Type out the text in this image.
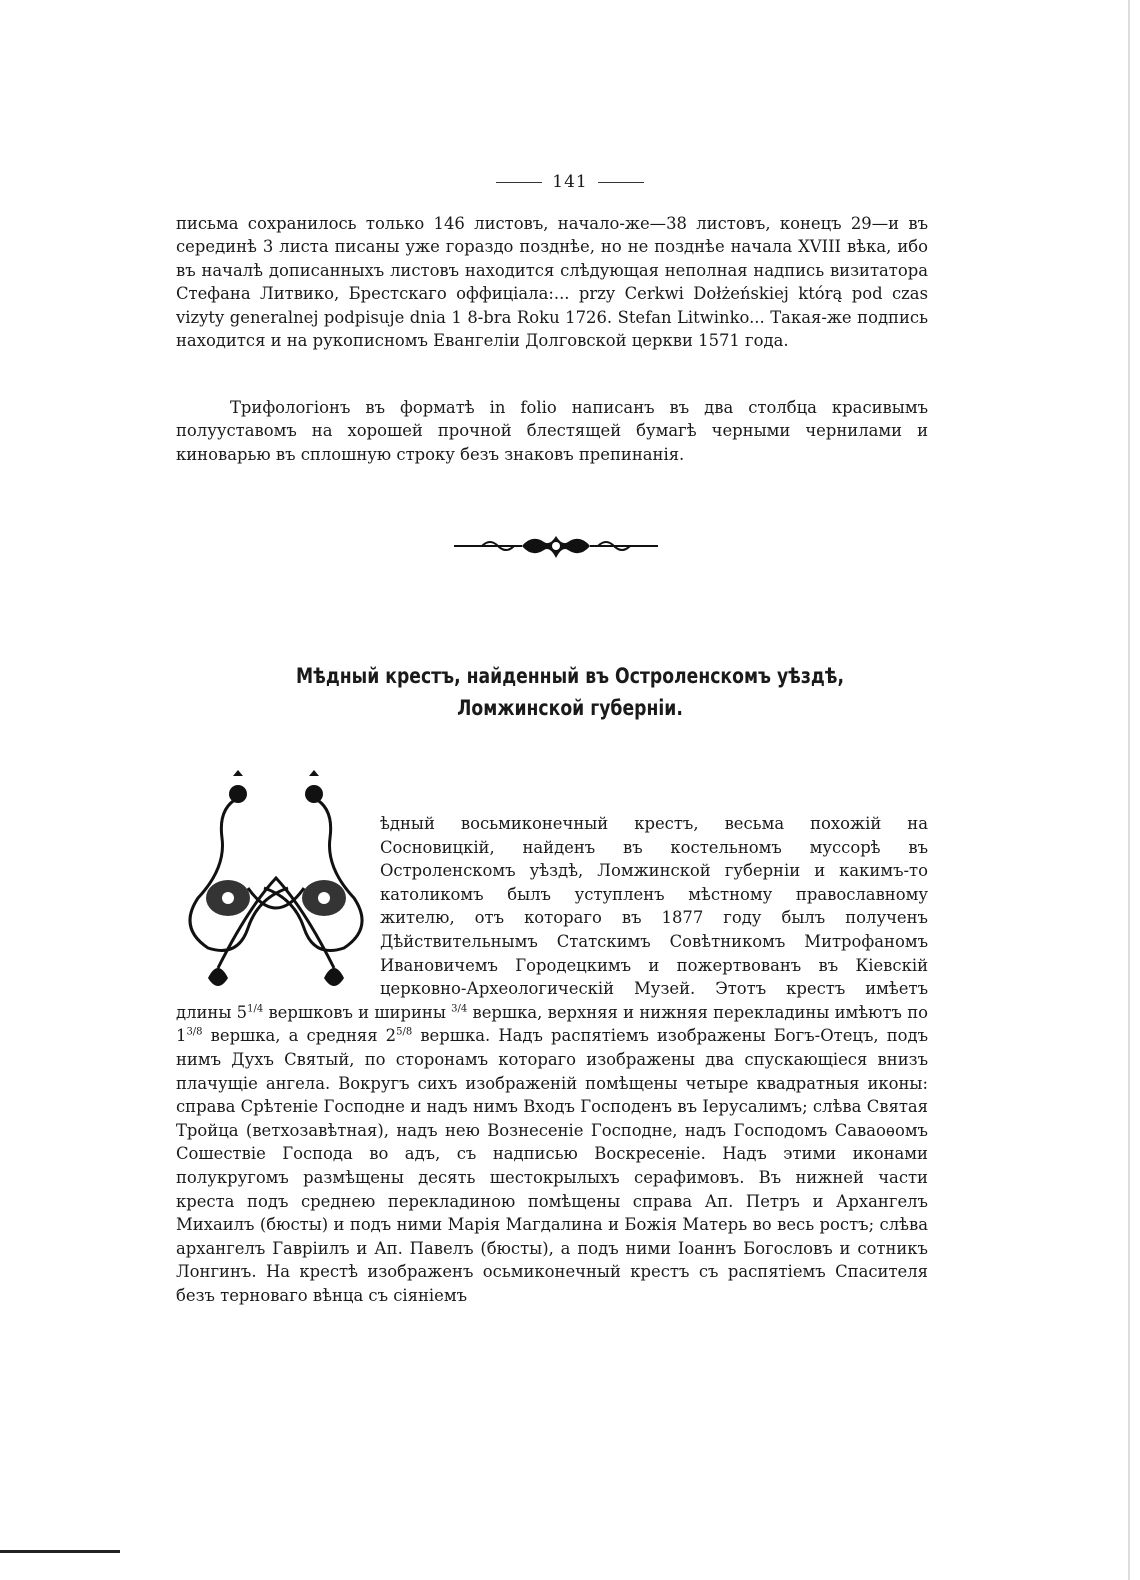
141

письма сохранилось только 146 листовъ, начало-же—38 листовъ, конецъ 29—и въ серединѣ 3 листа писаны уже гораздо позднѣе, но не позднѣе начала XVIII вѣка, ибо въ началѣ дописанныхъ листовъ находится слѣдующая неполная надпись визитатора Стефана Литвико, Брестскаго оффиціала:... przy Cerkwi Dołżeńskiej którą pod czas vizyty generalnej podpisuje dnia 1 8-bra Roku 1726. Stefan Litwinko... Такая-же подпись находится и на рукописномъ Евангеліи Долговской церкви 1571 года.

Трифологіонъ въ форматѣ in folio написанъ въ два столбца красивымъ полууставомъ на хорошей прочной блестящей бумагѣ черными чернилами и киноварью въ сплошную строку безъ знаковъ препинанія.

Мѣдный крестъ, найденный въ Остроленскомъ уѣздѣ,
Ломжинской губерніи.
ѣдный восьмиконечный крестъ, весьма похожій на Сосновицкій, найденъ въ костельномъ муссорѣ въ Остроленскомъ уѣздѣ, Ломжинской губерніи и какимъ-то католикомъ былъ уступленъ мѣстному православному жителю, отъ котораго въ 1877 году былъ полученъ Дѣйствительнымъ Статскимъ Совѣтникомъ Митрофаномъ Ивановичемъ Городецкимъ и пожертвованъ въ Кіевскій церковно-Археологическій Музей. Этотъ крестъ имѣетъ длины $5^{1/4}$ вершковъ и ширины $^{3/4}$ вершка, верхняя и нижняя перекладины имѣютъ по $1^{3/8}$ вершка, а средняя $2^{5/8}$ вершка. Надъ распятіемъ изображены Богъ-Отецъ, подъ нимъ Духъ Святый, по сторонамъ котораго изображены два спускающіеся внизъ плачущіе ангела. Вокругъ сихъ изображеній помѣщены четыре квадратныя иконы: справа Срѣтеніе Господне и надъ нимъ Входъ Господенъ въ Іерусалимъ; слѣва Святая Тройца (ветхозавѣтная), надъ нею Вознесеніе Господне, надъ Господомъ Саваоѳомъ Сошествіе Господа во адъ, съ надписью Воскресеніе. Надъ этими иконами полукругомъ размѣщены десять шестокрылыхъ серафимовъ. Въ нижней части креста подъ среднею перекладиною помѣщены справа Ап. Петръ и Архангелъ Михаилъ (бюсты) и подъ ними Марія Магдалина и Божія Матерь во весь ростъ; слѣва архангелъ Гавріилъ и Ап. Павелъ (бюсты), а подъ ними Іоаннъ Богословъ и сотникъ Лонгинъ. На крестѣ изображенъ осьмиконечный крестъ съ распятіемъ Спасителя безъ терноваго вѣнца съ сіяніемъ
